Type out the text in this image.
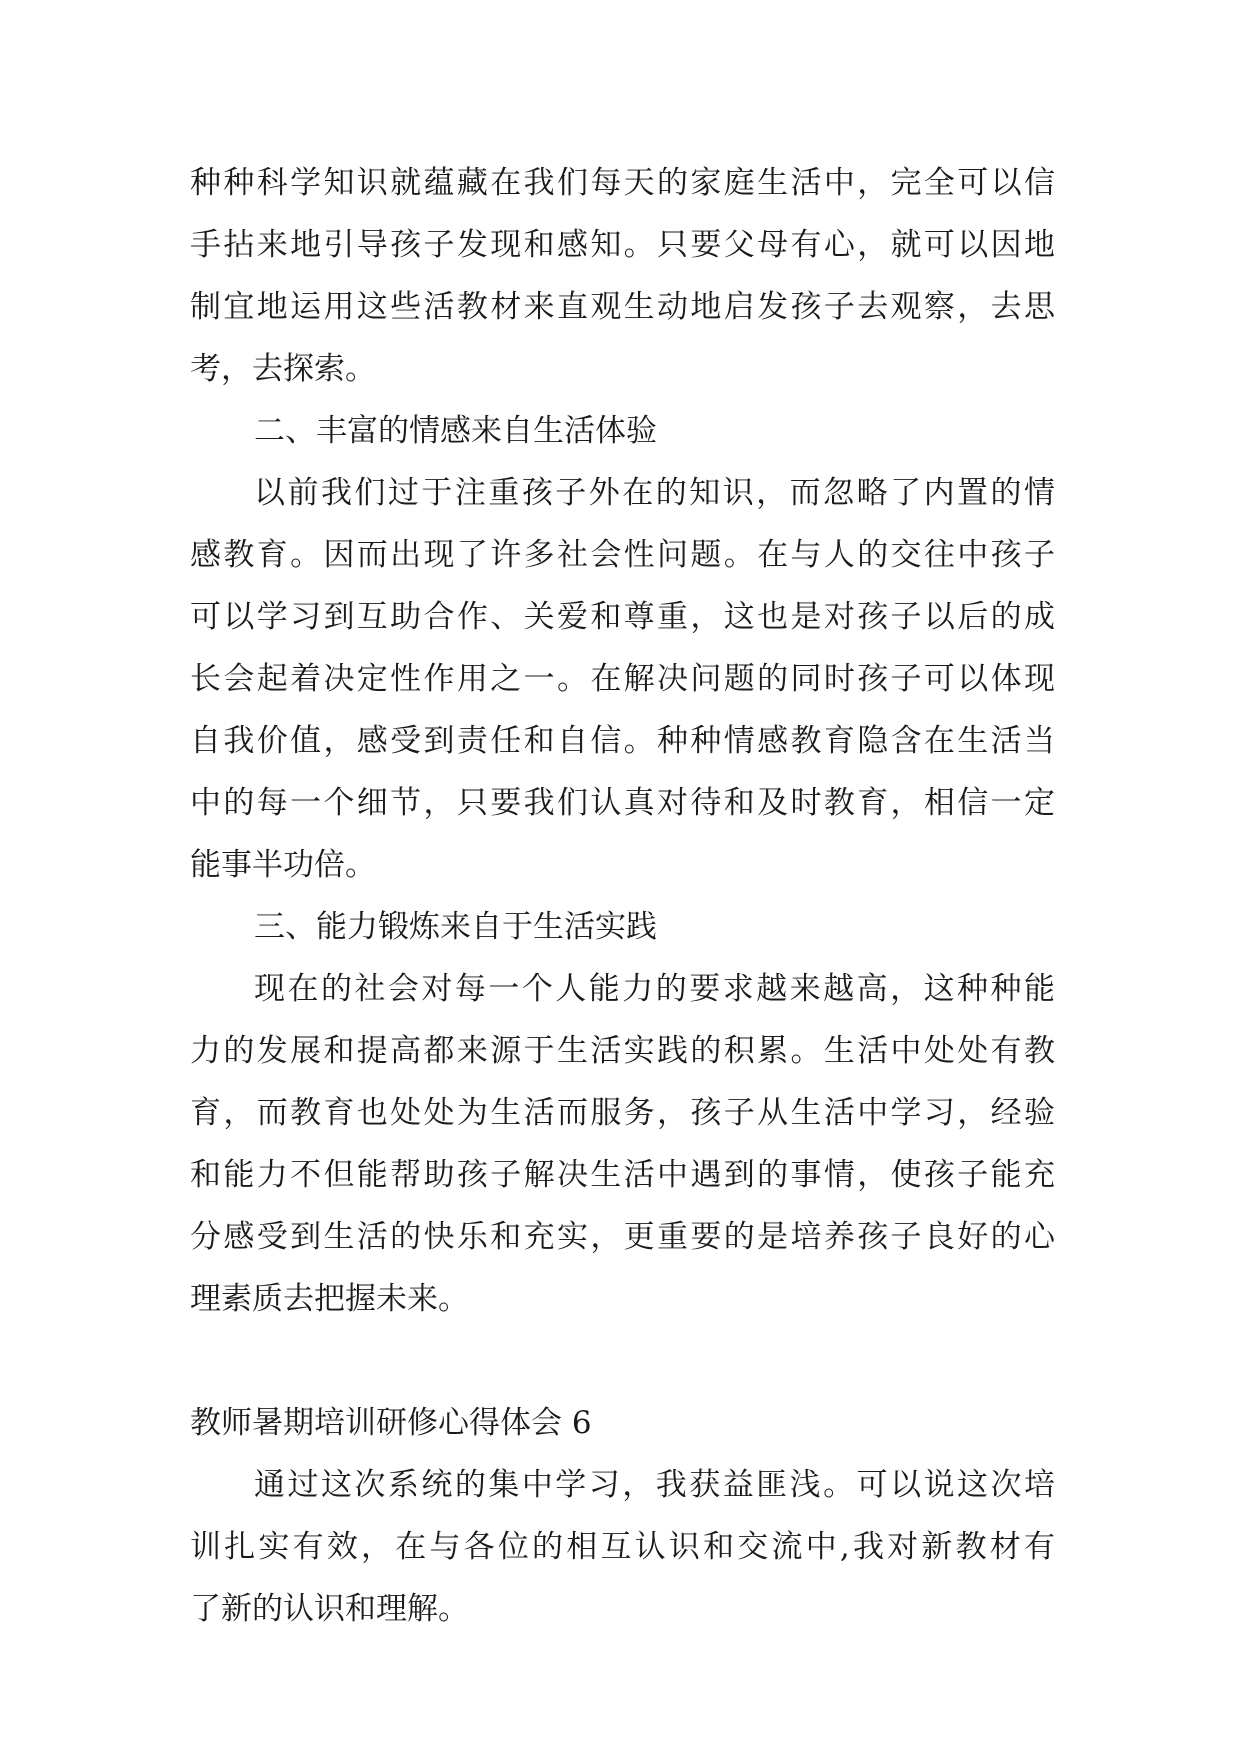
种种科学知识就蕴藏在我们每天的家庭生活中，完全可以信
手拈来地引导孩子发现和感知。只要父母有心，就可以因地
制宜地运用这些活教材来直观生动地启发孩子去观察，去思
考，去探索。
二、丰富的情感来自生活体验
以前我们过于注重孩子外在的知识，而忽略了内置的情
感教育。因而出现了许多社会性问题。在与人的交往中孩子
可以学习到互助合作、关爱和尊重，这也是对孩子以后的成
长会起着决定性作用之一。在解决问题的同时孩子可以体现
自我价值，感受到责任和自信。种种情感教育隐含在生活当
中的每一个细节，只要我们认真对待和及时教育，相信一定
能事半功倍。
三、能力锻炼来自于生活实践
现在的社会对每一个人能力的要求越来越高，这种种能
力的发展和提高都来源于生活实践的积累。生活中处处有教
育，而教育也处处为生活而服务，孩子从生活中学习，经验
和能力不但能帮助孩子解决生活中遇到的事情，使孩子能充
分感受到生活的快乐和充实，更重要的是培养孩子良好的心
理素质去把握未来。
教师暑期培训研修心得体会 6
通过这次系统的集中学习，我获益匪浅。可以说这次培
训扎实有效，在与各位的相互认识和交流中,我对新教材有
了新的认识和理解。
